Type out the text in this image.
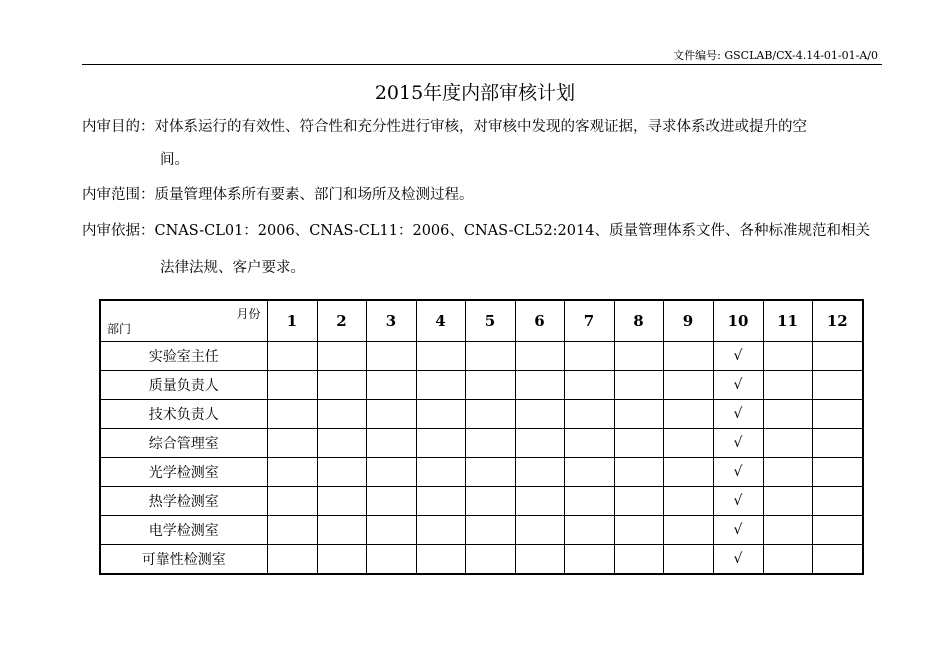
文件编号: GSCLAB/CX-4.14-01-01-A/0
2015年度内部审核计划
内审目的：对体系运行的有效性、符合性和充分性进行审核，对审核中发现的客观证据，寻求体系改进或提升的空
间。
内审范围：质量管理体系所有要素、部门和场所及检测过程。
内审依据：CNAS-CL01：2006、CNAS-CL11：2006、CNAS-CL52:2014、质量管理体系文件、各种标准规范和相关
法律法规、客户要求。
月份
部门	1	2	3	4	5	6	7	8	9	10	11	12
实验室主任										√		
质量负责人										√		
技术负责人										√		
综合管理室										√		
光学检测室										√		
热学检测室										√		
电学检测室										√		
可靠性检测室										√		
